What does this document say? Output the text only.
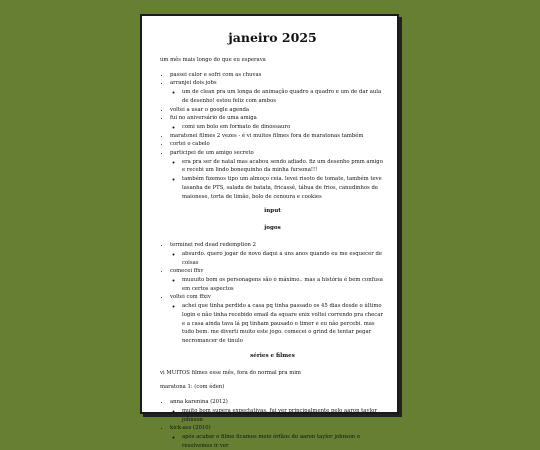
janeiro 2025

um mês mais longo do que eu esperava

• passei calor e sofri com as chuvas
• arranjei dois jobs
◦ um de clean pra um longa de animação quadro a quadro e um de dar aula de desenho! estou feliz com ambos
• voltei a usar o google agenda
• fui no aniversário de uma amiga
◦ comi um bolo em formato de dinossauro
• maratonei filmes 2 vezes - é vi muitos filmes fora de maratonas também
• cortei o cabelo
• participei de um amigo secreto
◦ era pra ser de natal mas acabou sendo adiado. fiz um desenho pmm amigo e recebi um lindo bonequinho da minha fursona!!!
◦ também fizemos tipo um almoço ceia. levei risoto de tomate, também teve lasanha de PTS, salada de batata, fricassê, tábua de frios, canudinhos de maionese, torta de limão, bolo de cenoura e cookies
input
jogos
• terminei red dead redemption 2
◦ absurdo. quero jogar de novo daqui a uns anos quando eu me esquecer de coisas
• comecei ffxv
◦ muuuito bom os personagens são o máximo.. mas a história é bem confusa em certos aspectos
• voltei com ffxiv
◦ achei que tinha perdido a casa pq tinha passado os 45 dias desde o último login e não tinha recebido email da square enix voltei correndo pra checar e a casa ainda tava lá pq tinham pausado o timer e eu não percebi. mas tudo bem. me diverti muito este jogo. comecei o grind de tentar pegar necromancer de tinulo
séries e filmes

vi MUITOS filmes esse mês, fora do normal pra mim

maratona 1: (com éden)

• anna karenina (2012)
◦ muito bom supera expectativas. fui ver principalmente pelo aaron taylor johnson
• kick-ass (2010)
◦ após acabar o filme ficamos meio órfãos do aaron taylor johnson e resolvemos ir ver
